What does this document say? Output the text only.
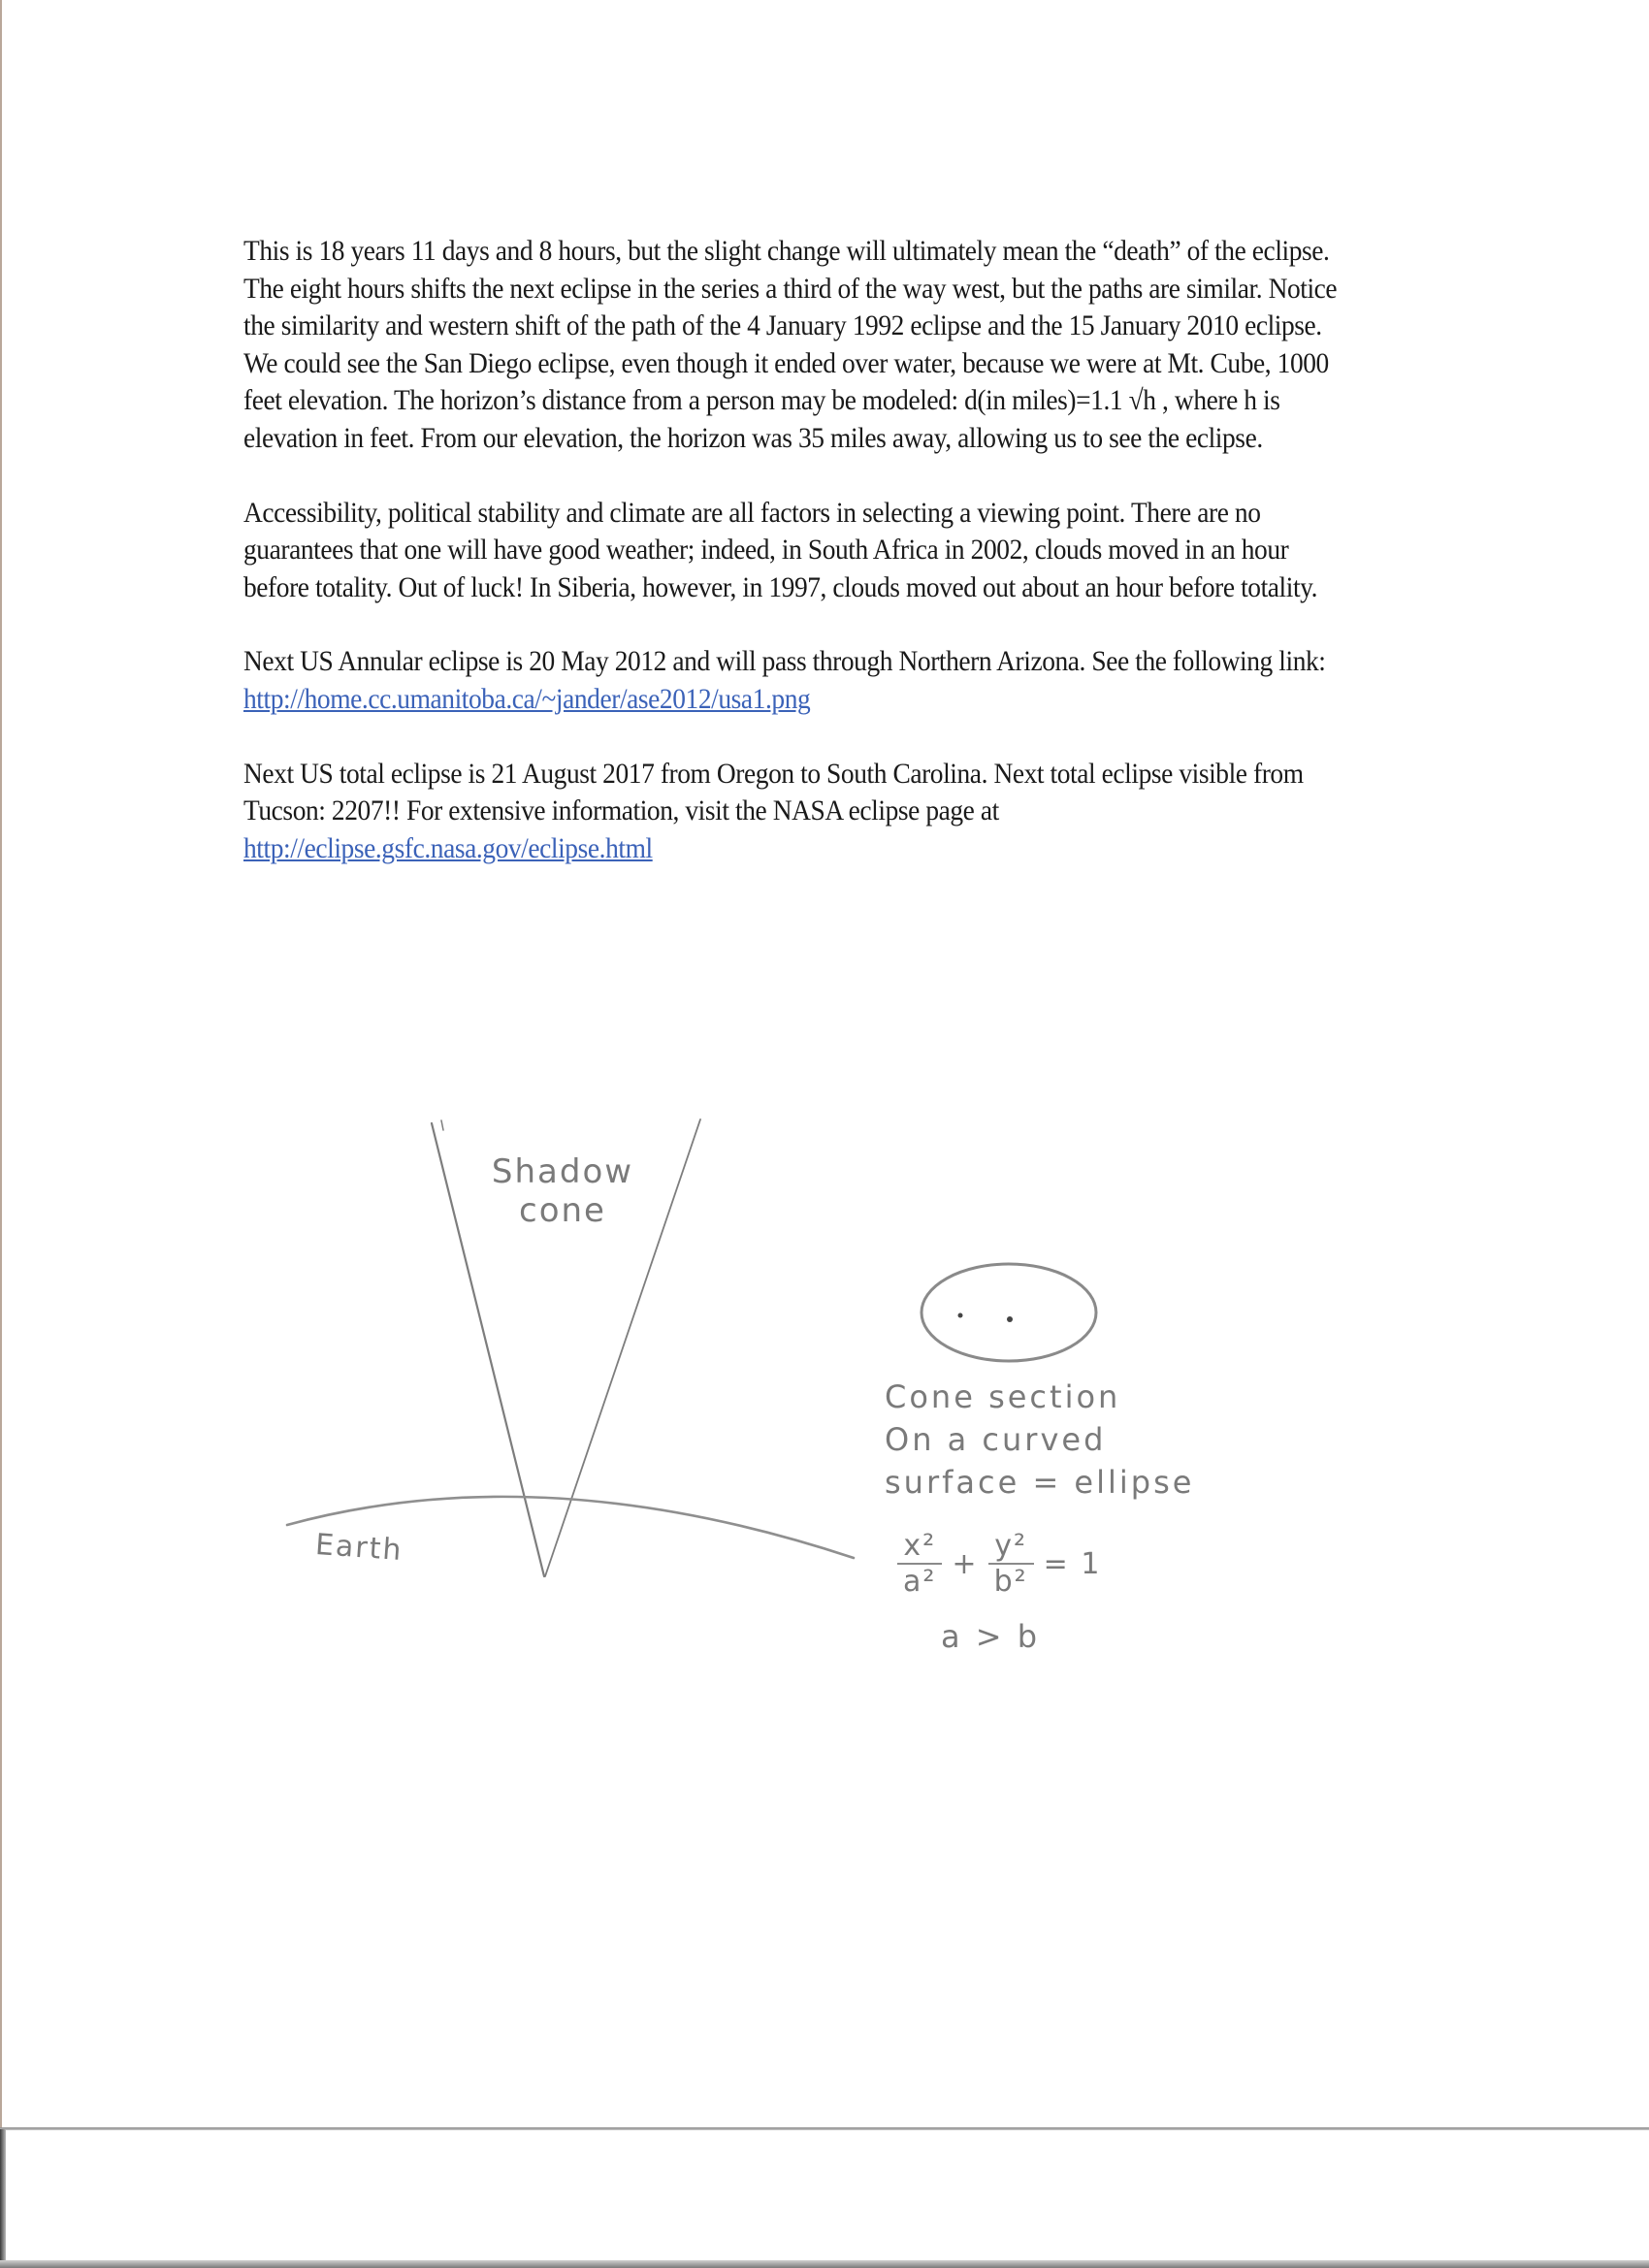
This is 18 years 11 days and 8 hours, but the slight change will ultimately mean the “death” of the eclipse. The eight hours shifts the next eclipse in the series a third of the way west, but the paths are similar. Notice the similarity and western shift of the path of the 4 January 1992 eclipse and the 15 January 2010 eclipse. We could see the San Diego eclipse, even though it ended over water, because we were at Mt. Cube, 1000 feet elevation. The horizon’s distance from a person may be modeled: d(in miles)=1.1 √h , where h is elevation in feet. From our elevation, the horizon was 35 miles away, allowing us to see the eclipse.

Accessibility, political stability and climate are all factors in selecting a viewing point. There are no guarantees that one will have good weather; indeed, in South Africa in 2002, clouds moved in an hour before totality. Out of luck! In Siberia, however, in 1997, clouds moved out about an hour before totality.

Next US Annular eclipse is 20 May 2012 and will pass through Northern Arizona. See the following link: http://home.cc.umanitoba.ca/~jander/ase2012/usa1.png

Next US total eclipse is 21 August 2017 from Oregon to South Carolina. Next total eclipse visible from Tucson: 2207!! For extensive information, visit the NASA eclipse page at http://eclipse.gsfc.nasa.gov/eclipse.html

Shadow
cone
Earth
Cone section
On a curved
surface = ellipse
$\frac{\text{x²}}{\text{a²}} + \frac{\text{y²}}{\text{b²}} = 1$
a > b
